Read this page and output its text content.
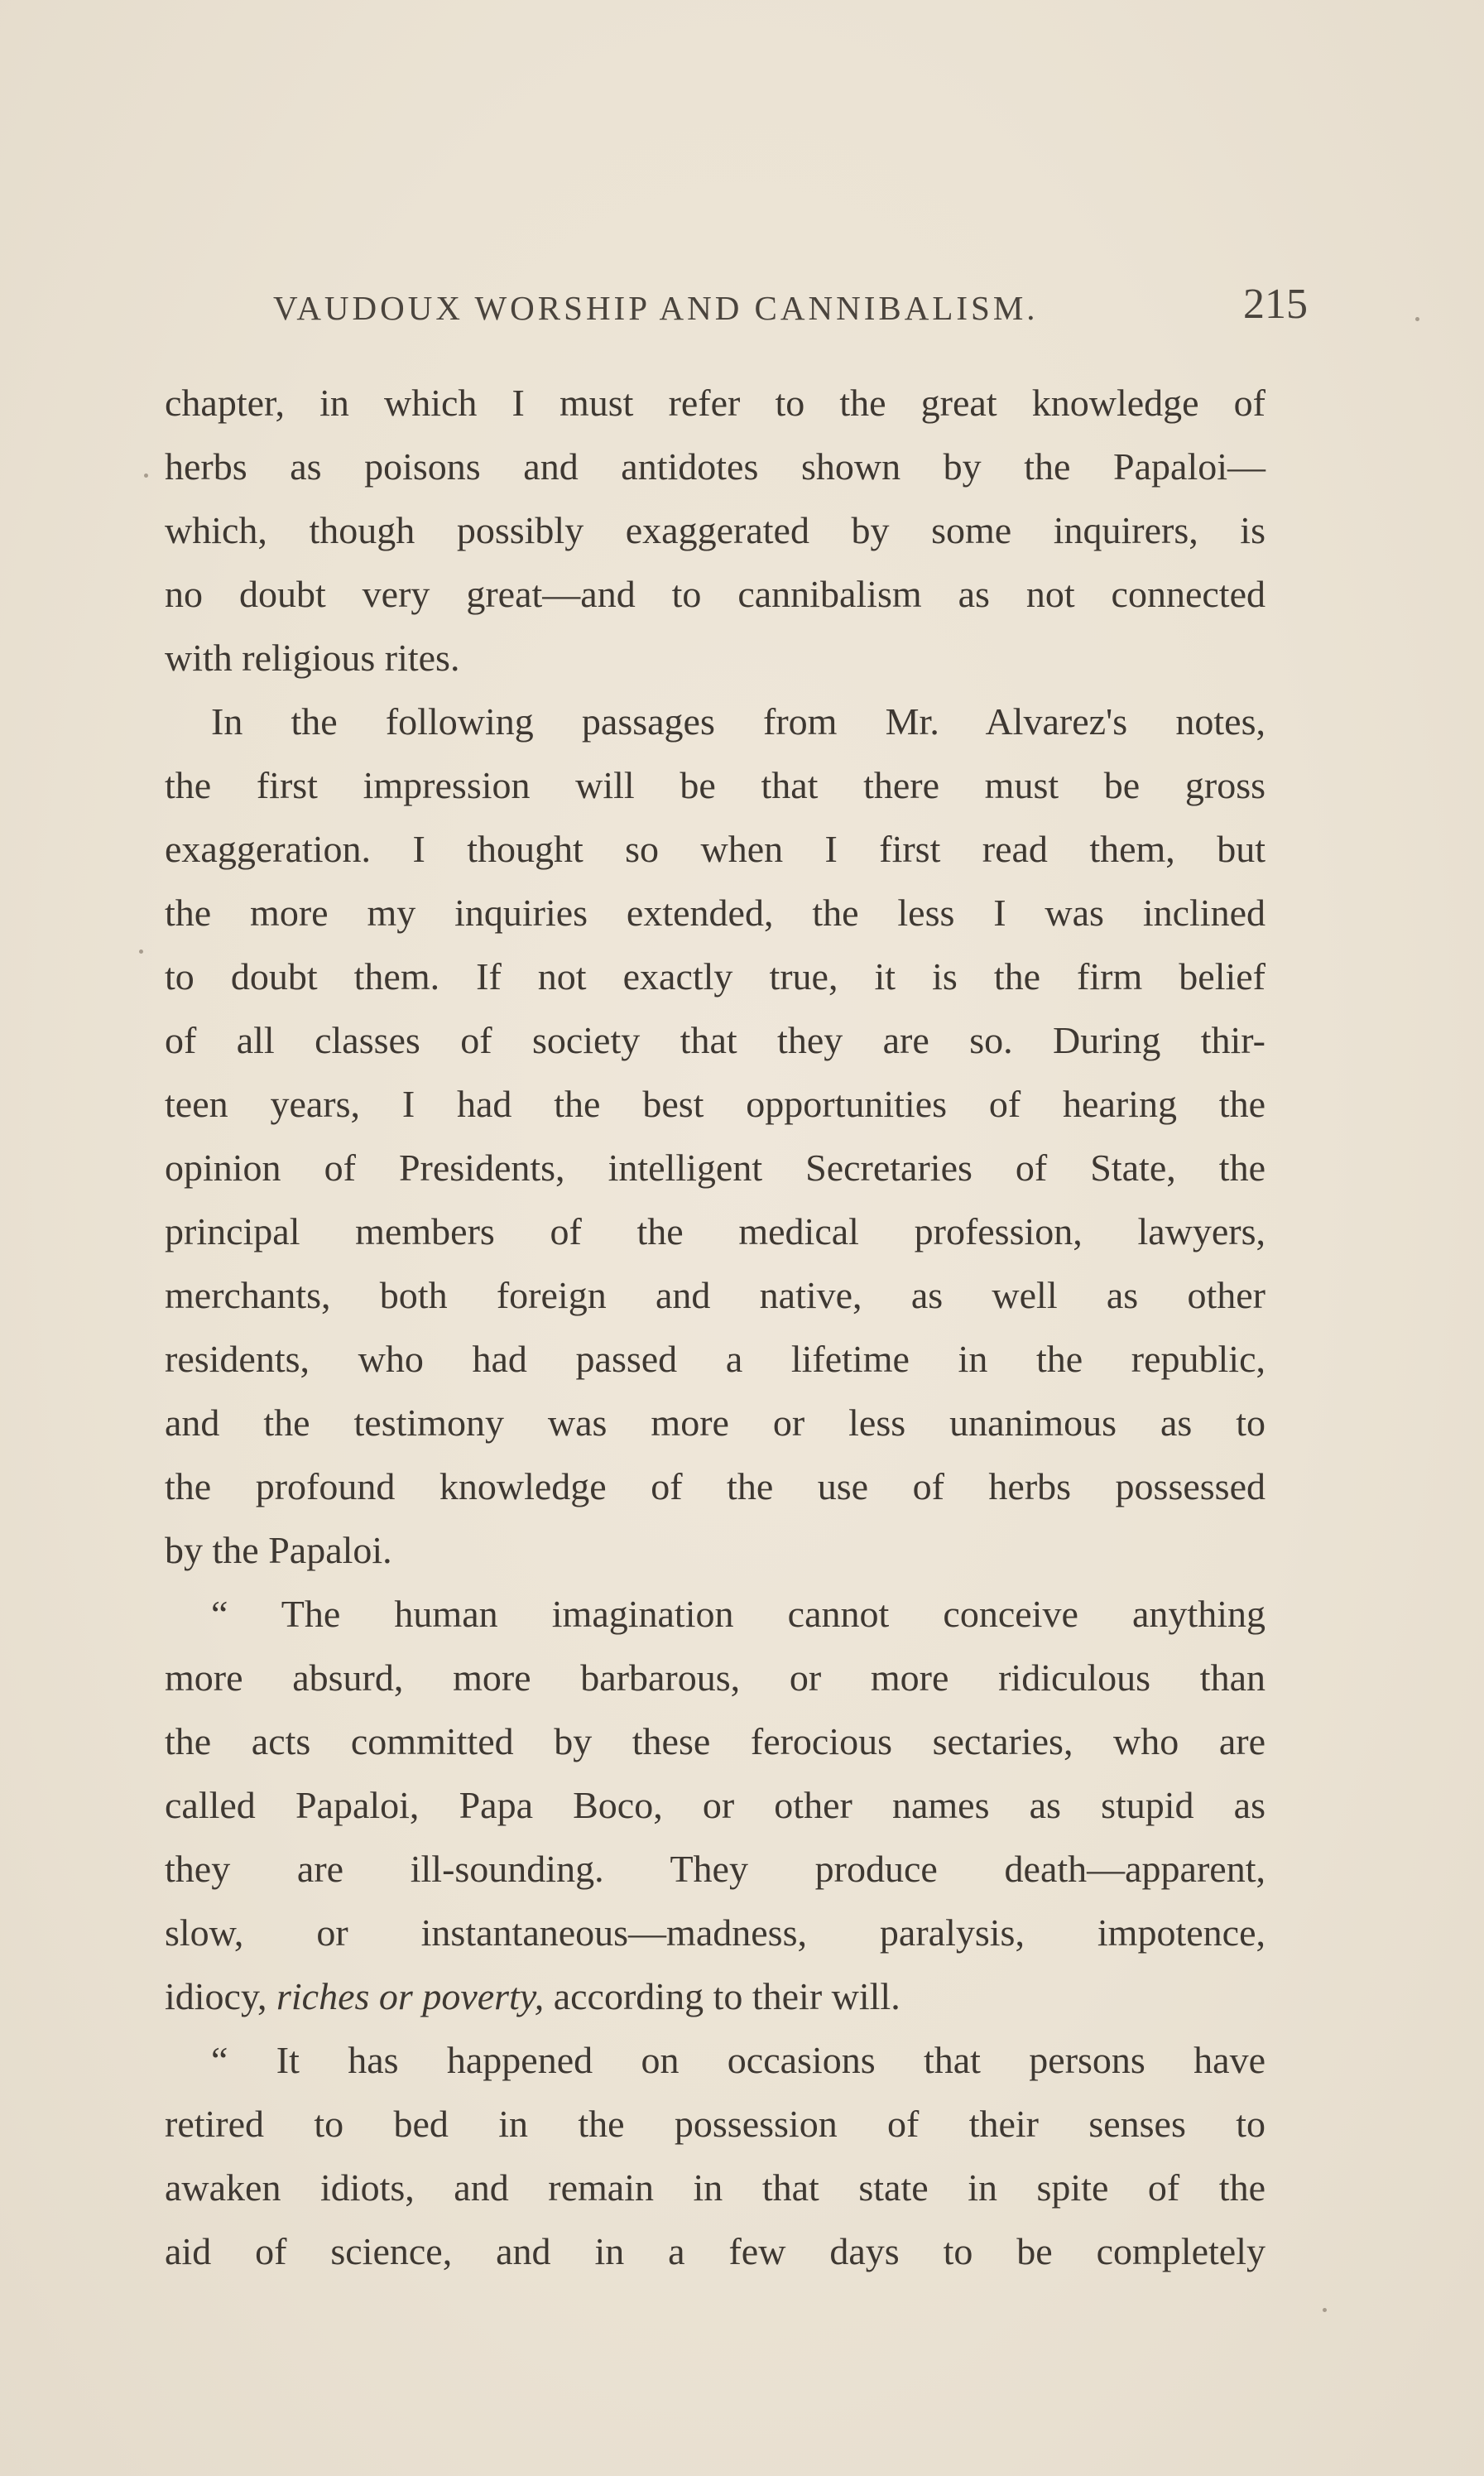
VAUDOUX WORSHIP AND CANNIBALISM.	215
chapter, in which I must refer to the great knowledge of
herbs as poisons and antidotes shown by the Papaloi—
which, though possibly exaggerated by some inquirers, is
no doubt very great—and to cannibalism as not connected
with religious rites.
In the following passages from Mr. Alvarez's notes,
the first impression will be that there must be gross
exaggeration. I thought so when I first read them, but
the more my inquiries extended, the less I was inclined
to doubt them. If not exactly true, it is the firm belief
of all classes of society that they are so. During thir-
teen years, I had the best opportunities of hearing the
opinion of Presidents, intelligent Secretaries of State, the
principal members of the medical profession, lawyers,
merchants, both foreign and native, as well as other
residents, who had passed a lifetime in the republic,
and the testimony was more or less unanimous as to
the profound knowledge of the use of herbs possessed
by the Papaloi.
“ The human imagination cannot conceive anything
more absurd, more barbarous, or more ridiculous than
the acts committed by these ferocious sectaries, who are
called Papaloi, Papa Boco, or other names as stupid as
they are ill-sounding. They produce death—apparent,
slow, or instantaneous—madness, paralysis, impotence,
idiocy, riches or poverty, according to their will.
“ It has happened on occasions that persons have
retired to bed in the possession of their senses to
awaken idiots, and remain in that state in spite of the
aid of science, and in a few days to be completely
